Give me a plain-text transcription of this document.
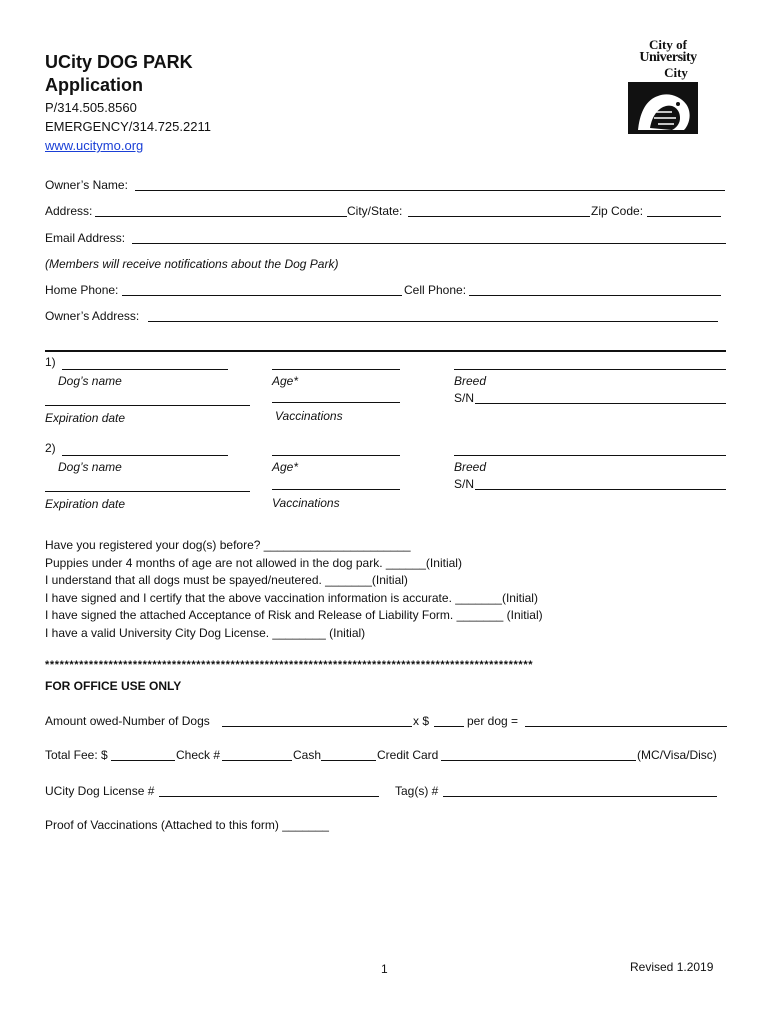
UCity DOG PARK
Application
P/314.505.8560
EMERGENCY/314.725.2211
www.ucitymo.org
City of
University
City
Owner’s Name:
Address:	City/State:	Zip Code:
Email Address:
(Members will receive notifications about the Dog Park)
Home Phone:	Cell Phone:
Owner’s Address:
1)
Dog’s name	Age*	Breed
S/N
Expiration date	Vaccinations
2)
Dog’s name	Age*	Breed
S/N
Expiration date	Vaccinations
Have you registered your dog(s) before? ______________________
Puppies under 4 months of age are not allowed in the dog park. ______(Initial)
I understand that all dogs must be spayed/neutered. _______(Initial)
I have signed and I certify that the above vaccination information is accurate. _______(Initial)
I have signed the attached Acceptance of Risk and Release of Liability Form. _______ (Initial)
I have a valid University City Dog License. ________ (Initial)
****************************************************************************************************
FOR OFFICE USE ONLY
Amount owed-Number of Dogs	x $	per dog =
Total Fee: $	Check #	Cash	Credit Card	(MC/Visa/Disc)
UCity Dog License #	Tag(s) #
Proof of Vaccinations (Attached to this form) _______
1	Revised 1.2019
